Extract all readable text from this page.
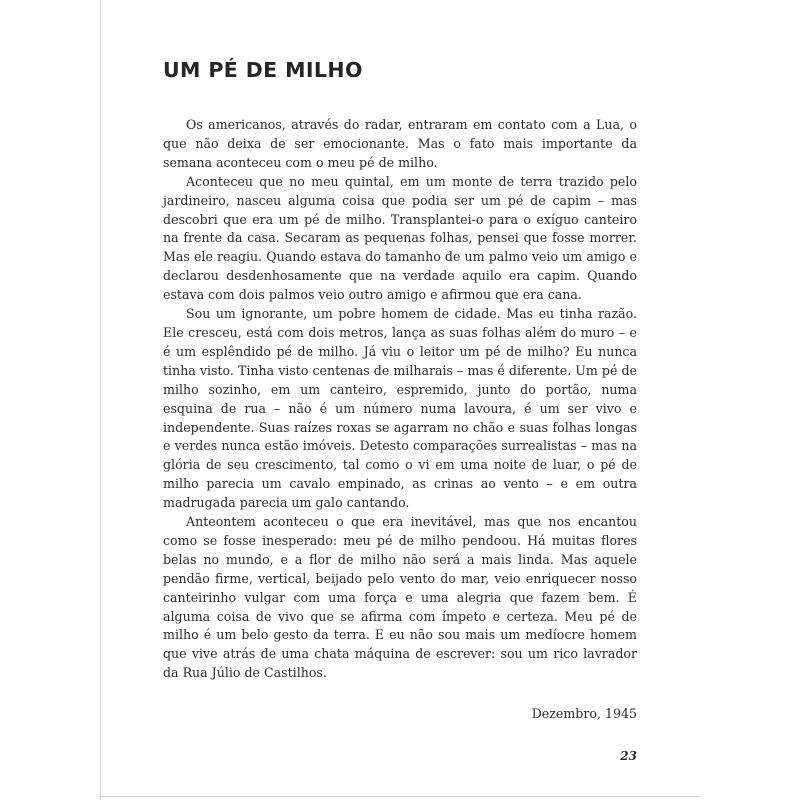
UM PÉ DE MILHO

Os americanos, através do radar, entraram em contato com a Lua, o que não deixa de ser emocionante. Mas o fato mais importante da semana aconteceu com o meu pé de milho.

Aconteceu que no meu quintal, em um monte de terra trazido pelo jardineiro, nasceu alguma coisa que podia ser um pé de capim – mas descobri que era um pé de milho. Transplantei-o para o exíguo canteiro na frente da casa. Secaram as pequenas folhas, pensei que fosse morrer. Mas ele reagiu. Quando estava do tamanho de um palmo veio um amigo e declarou desdenhosamente que na verdade aquilo era capim. Quando estava com dois palmos veio outro amigo e afirmou que era cana.

Sou um ignorante, um pobre homem de cidade. Mas eu tinha razão. Ele cresceu, está com dois metros, lança as suas folhas além do muro – e é um esplêndido pé de milho. Já viu o leitor um pé de milho? Eu nunca tinha visto. Tinha visto centenas de milharais – mas é diferente. Um pé de milho sozinho, em um canteiro, espremido, junto do portão, numa esquina de rua – não é um número numa lavoura, é um ser vivo e independente. Suas raízes roxas se agarram no chão e suas folhas longas e verdes nunca estão imóveis. Detesto comparações surrealistas – mas na glória de seu crescimento, tal como o vi em uma noite de luar, o pé de milho parecia um cavalo empinado, as crinas ao vento – e em outra madrugada parecia um galo cantando.

Anteontem aconteceu o que era inevitável, mas que nos encantou como se fosse inesperado: meu pé de milho pendoou. Há muitas flores belas no mundo, e a flor de milho não será a mais linda. Mas aquele pendão firme, vertical, beijado pelo vento do mar, veio enriquecer nosso canteirinho vulgar com uma força e uma alegria que fazem bem. É alguma coisa de vivo que se afirma com ímpeto e certeza. Meu pé de milho é um belo gesto da terra. E eu não sou mais um medíocre homem que vive atrás de uma chata máquina de escrever: sou um rico lavrador da Rua Júlio de Castilhos.

Dezembro, 1945
23
